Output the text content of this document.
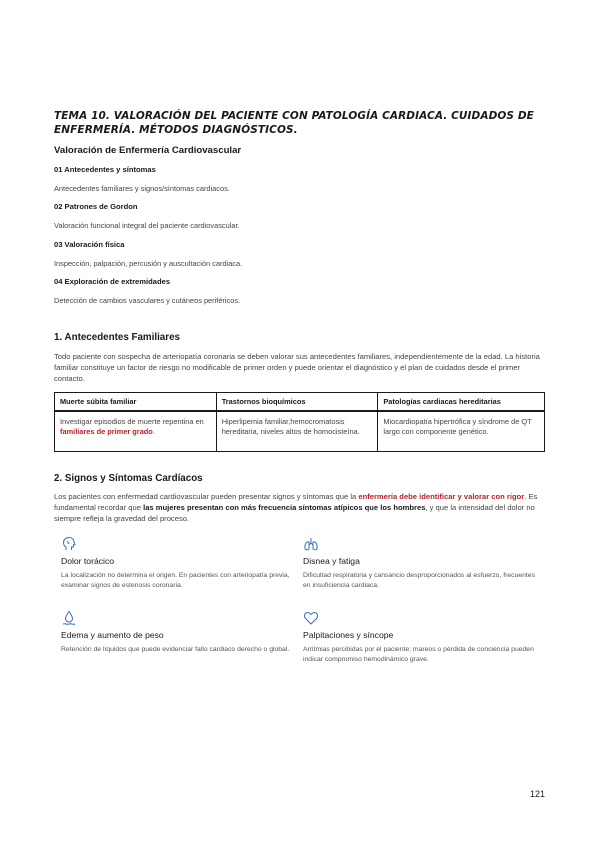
TEMA 10. VALORACIÓN DEL PACIENTE CON PATOLOGÍA CARDIACA. CUIDADOS DE ENFERMERÍA. MÉTODOS DIAGNÓSTICOS.
Valoración de Enfermería Cardiovascular
01 Antecedentes y síntomas
Antecedentes familiares y signos/síntomas cardiacos.
02 Patrones de Gordon
Valoración funcional integral del paciente cardiovascular.
03 Valoración física
Inspección, palpación, percusión y auscultación cardiaca.
04 Exploración de extremidades
Detección de cambios vasculares y cutáneos periféricos.
1. Antecedentes Familiares
Todo paciente con sospecha de arteriopatía coronaria se deben valorar sus antecedentes familiares, independientemente de la edad. La historia familiar constituye un factor de riesgo no modificable de primer orden y puede orientar el diagnóstico y el plan de cuidados desde el primer contacto.
Muerte súbita familiar	Trastornos bioquímicos	Patologías cardiacas hereditarias
Investigar episodios de muerte repentina en familiares de primer grado.	Hiperlipemia familiar,hemocromatosis hereditaria, niveles altos de homocisteína.	Miocardiopatía hipertrófica y síndrome de QT largo con componente genético.
2. Signos y Síntomas Cardíacos
Los pacientes con enfermedad cardiovascular pueden presentar signos y síntomas que la enfermería debe identificar y valorar con rigor. Es fundamental recordar que las mujeres presentan con más frecuencia síntomas atípicos que los hombres, y que la intensidad del dolor no siempre refleja la gravedad del proceso.
Dolor torácico
La localización no determina el origen. En pacientes con arteriopatía previa, examinar signos de estenosis coronaria.
Disnea y fatiga
Dificultad respiratoria y cansancio desproporcionados al esfuerzo, frecuentes en insuficiencia cardiaca.
Edema y aumento de peso
Retención de líquidos que puede evidenciar fallo cardiaco derecho o global.
Palpitaciones y síncope
Arritmias percibidas por el paciente; mareos o pérdida de conciencia pueden indicar compromiso hemodinámico grave.
121
